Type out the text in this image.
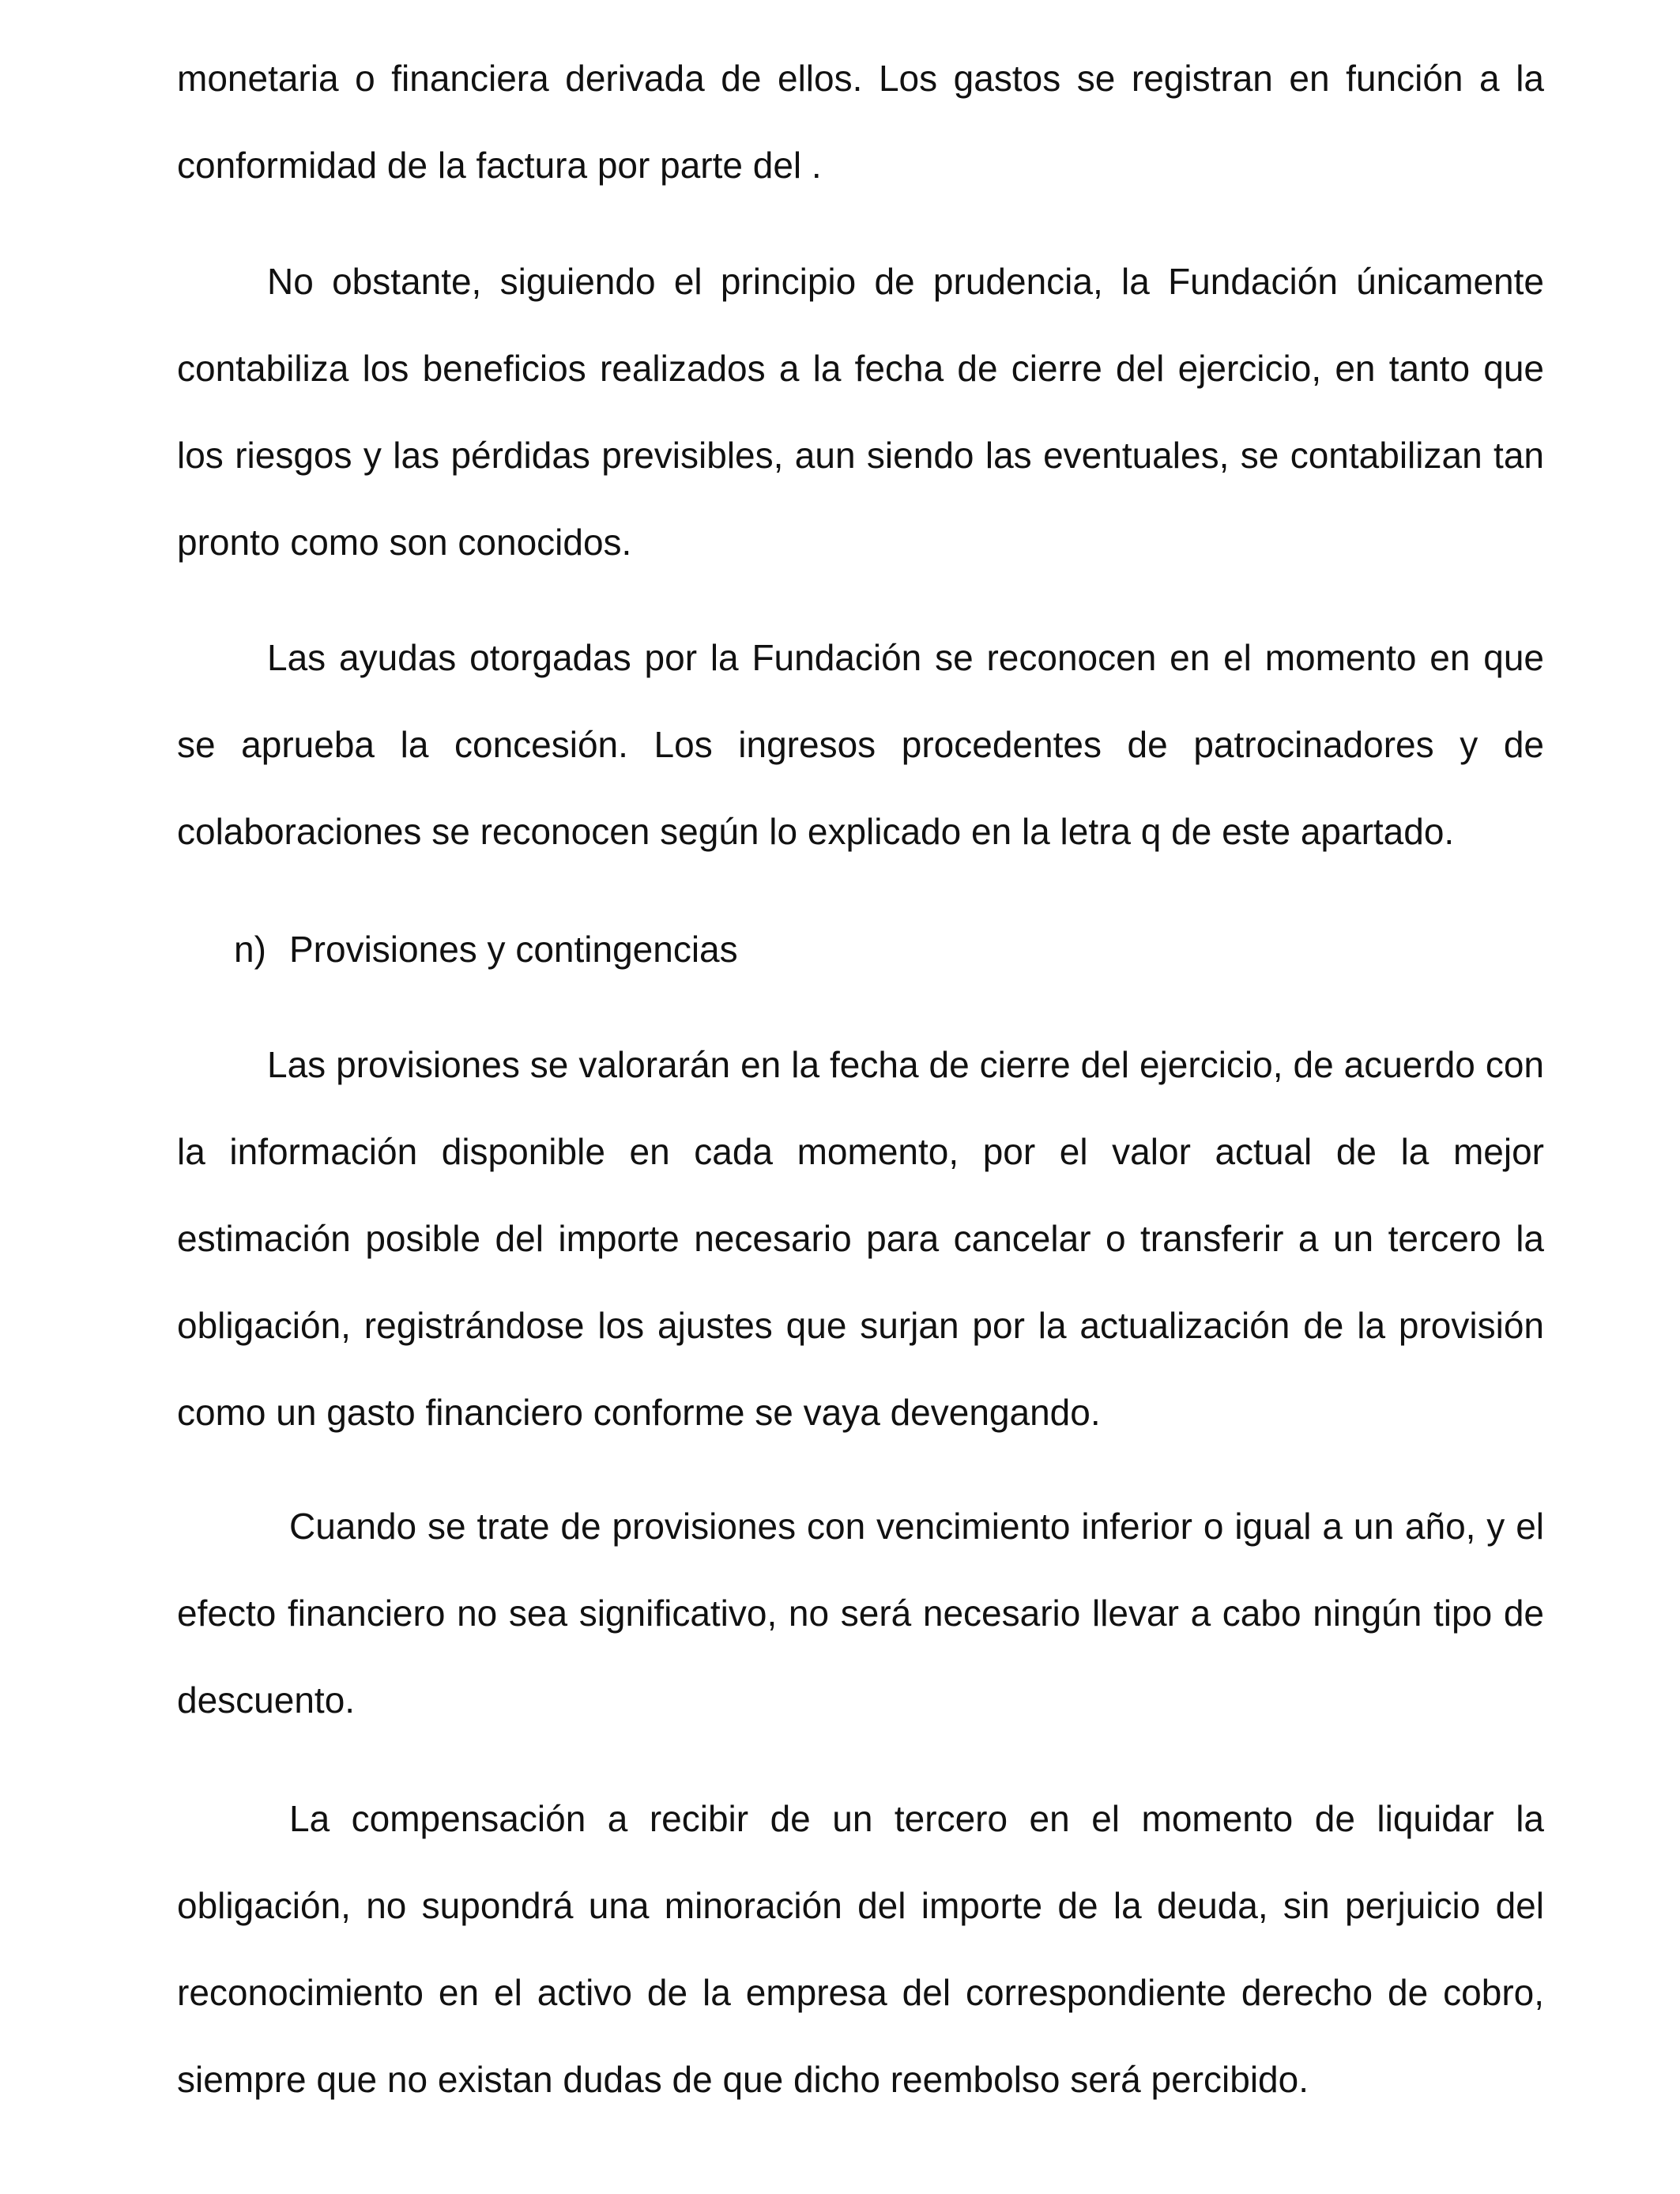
monetaria o financiera derivada de ellos. Los gastos se registran en función a la conformidad de la factura por parte del .

No obstante, siguiendo el principio de prudencia, la Fundación únicamente contabiliza los beneficios realizados a la fecha de cierre del ejercicio, en tanto que los riesgos y las pérdidas previsibles, aun siendo las eventuales, se contabilizan tan pronto como son conocidos.

Las ayudas otorgadas por la Fundación se reconocen en el momento en que se aprueba la concesión. Los ingresos procedentes de patrocinadores y de colaboraciones se reconocen según lo explicado en la letra q de este apartado.

n) Provisiones y contingencias

Las provisiones se valorarán en la fecha de cierre del ejercicio, de acuerdo con la información disponible en cada momento, por el valor actual de la mejor estimación posible del importe necesario para cancelar o transferir a un tercero la obligación, registrándose los ajustes que surjan por la actualización de la provisión como un gasto financiero conforme se vaya devengando.

Cuando se trate de provisiones con vencimiento inferior o igual a un año, y el efecto financiero no sea significativo, no será necesario llevar a cabo ningún tipo de descuento.

La compensación a recibir de un tercero en el momento de liquidar la obligación, no supondrá una minoración del importe de la deuda, sin perjuicio del reconocimiento en el activo de la empresa del correspondiente derecho de cobro, siempre que no existan dudas de que dicho reembolso será percibido.
